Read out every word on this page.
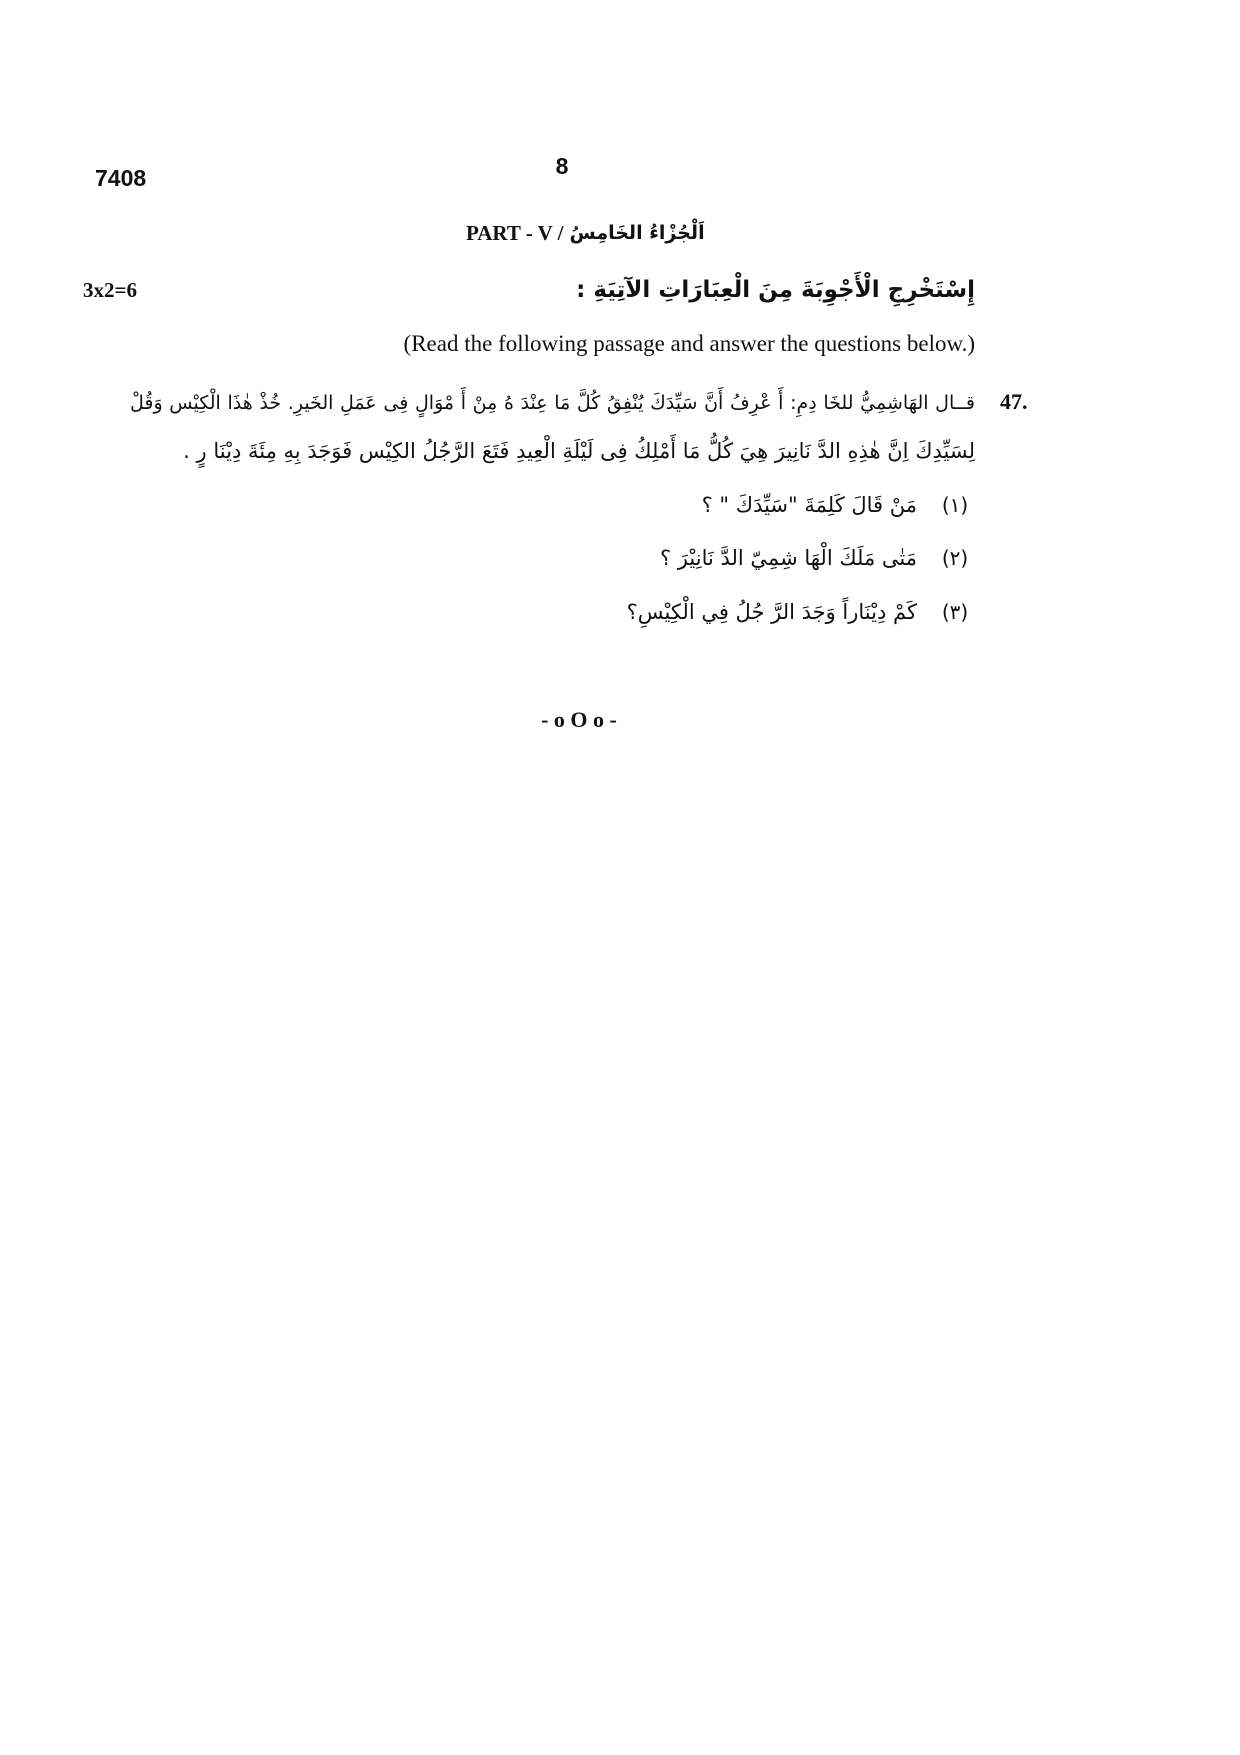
8
7408
PART - V / اَلْجُزْاءُ الخَامِسُ
3x2=6	إِسْتَخْرِجِ الْأَجْوِبَةَ مِنَ الْعِبَارَاتِ الآتِيَةِ :
(Read the following passage and answer the questions below.)
47.
قــال الهَاشِمِيُّ للخَا دِمِ: أَ عْرِفُ أَنَّ سَيِّدَكَ يُنْفِقُ كُلَّ مَا عِنْدَ هُ مِنْ أَ مْوَالٍ فِى عَمَلِ الخَيرِ. خُذْ هٰذَا الْكِيْس وَقُلْ
لِسَيِّدِكَ اِنَّ هٰذِهِ الدَّ نَانِيرَ هِيَ كُلُّ مَا أَمْلِكُ فِى لَيْلَةِ الْعِيدِ فَتَعَ الرَّجُلُ الكِيْس فَوَجَدَ بِهِ مِئَةَ دِيْنَا رٍ .
(١)
مَنْ قَالَ كَلِمَةَ "سَيِّدَكَ " ؟
(٢)
مَتٰى مَلَكَ الْهَا شِمِيّ الدَّ نَانِيْرَ ؟
(٣)
كَمْ دِيْنَاراً وَجَدَ الرَّ جُلُ فِي الْكِيْسِ؟
- o O o -
